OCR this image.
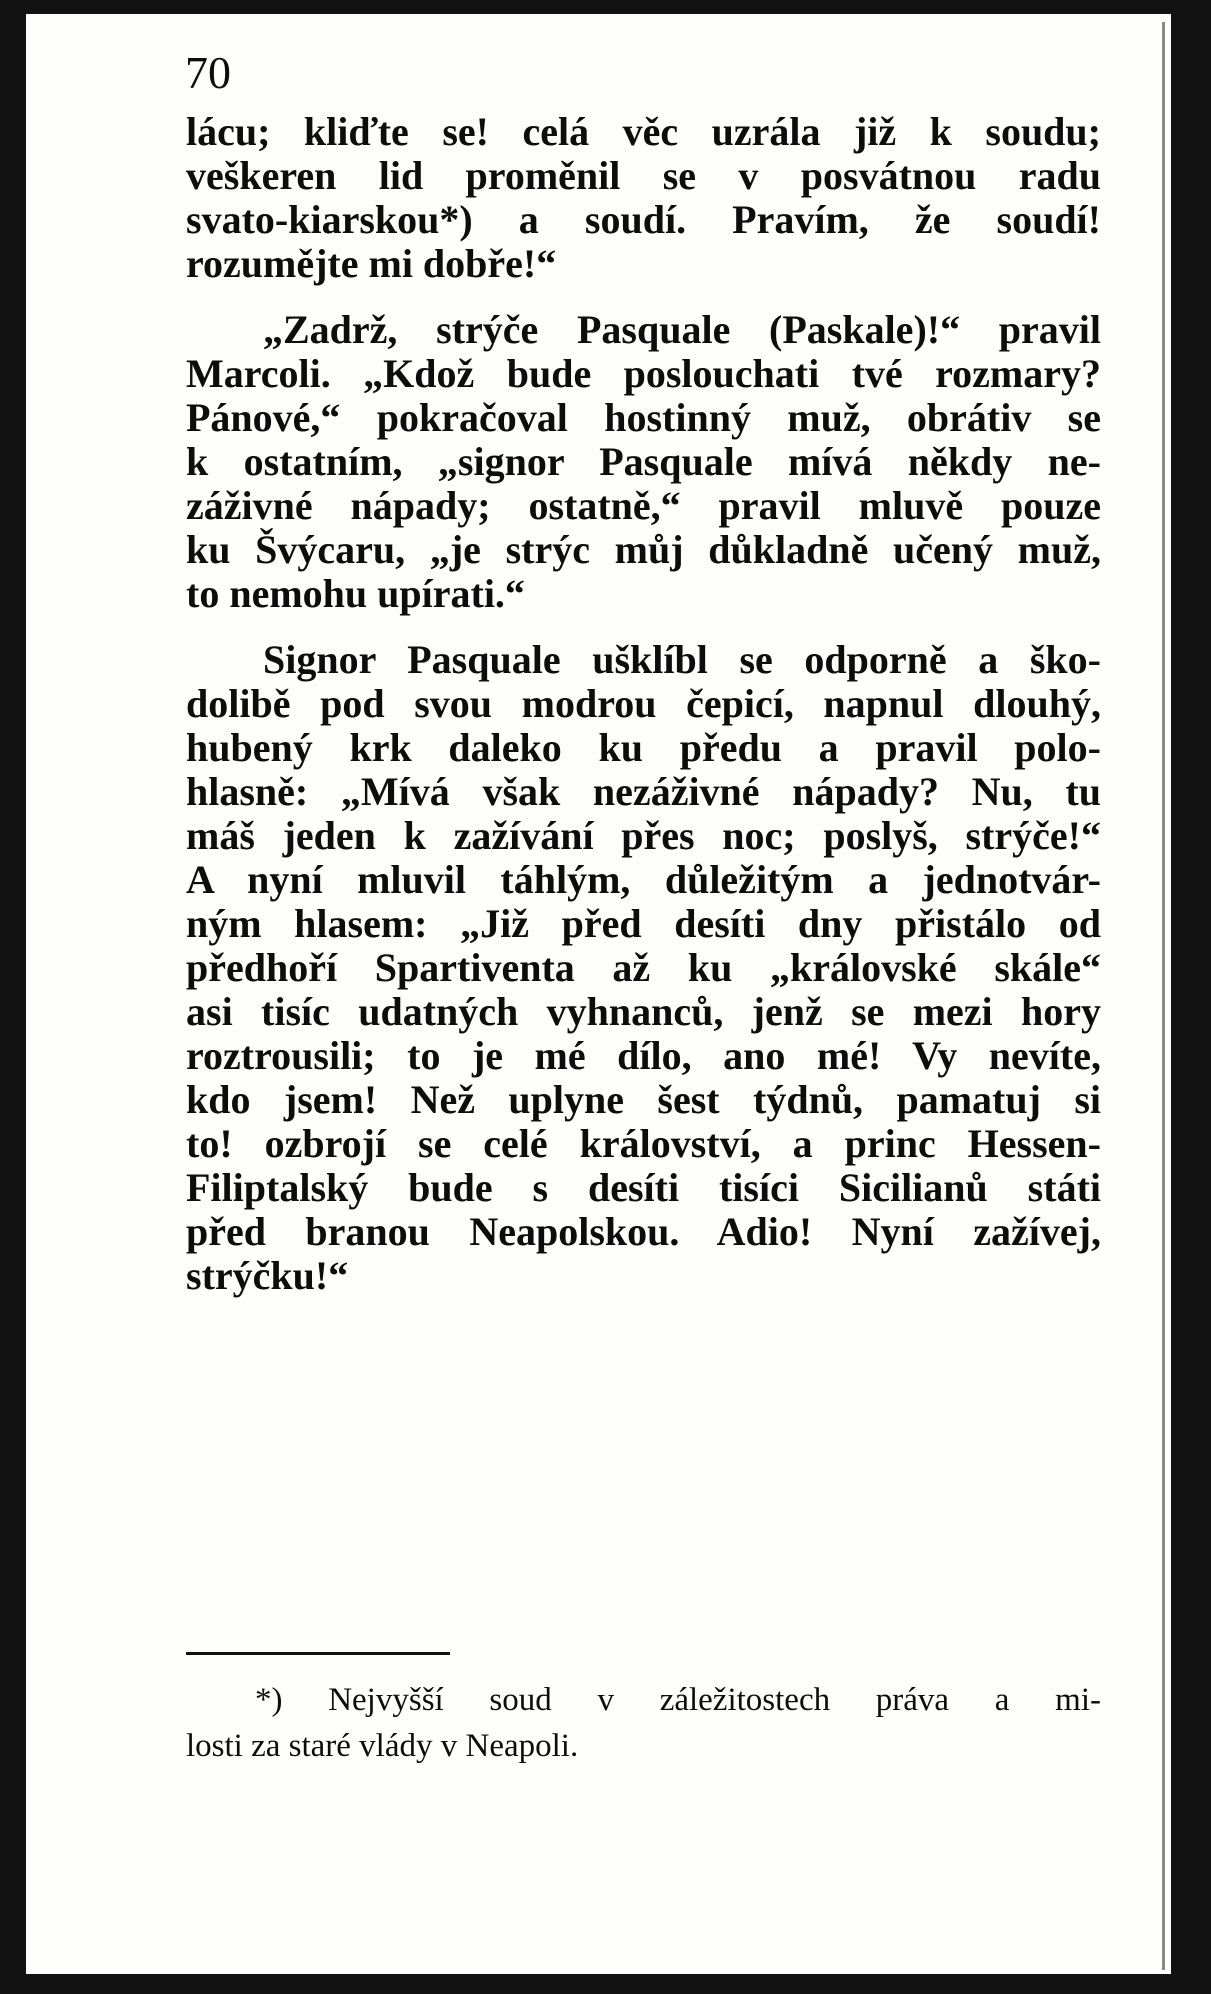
70
lácu; kliďte se! celá věc uzrála již k soudu;
veškeren lid proměnil se v posvátnou radu
svato-kiarskou*) a soudí. Pravím, že soudí!
rozumějte mi dobře!“
„Zadrž, strýče Pasquale (Paskale)!“ pravil
Marcoli. „Kdož bude poslouchati tvé rozmary?
Pánové,“ pokračoval hostinný muž, obrátiv se
k ostatním, „signor Pasquale mívá někdy ne-
záživné nápady; ostatně,“ pravil mluvě pouze
ku Švýcaru, „je strýc můj důkladně učený muž,
to nemohu upírati.“
Signor Pasquale ušklíbl se odporně a ško-
dolibě pod svou modrou čepicí, napnul dlouhý,
hubený krk daleko ku předu a pravil polo-
hlasně: „Mívá však nezáživné nápady? Nu, tu
máš jeden k zažívání přes noc; poslyš, strýče!“
A nyní mluvil táhlým, důležitým a jednotvár-
ným hlasem: „Již před desíti dny přistálo od
předhoří Spartiventa až ku „královské skále“
asi tisíc udatných vyhnanců, jenž se mezi hory
roztrousili; to je mé dílo, ano mé! Vy nevíte,
kdo jsem! Než uplyne šest týdnů, pamatuj si
to! ozbrojí se celé království, a princ Hessen-
Filiptalský bude s desíti tisíci Sicilianů státi
před branou Neapolskou. Adio! Nyní zažívej,
strýčku!“
*) Nejvyšší soud v záležitostech práva a mi-
losti za staré vlády v Neapoli.
